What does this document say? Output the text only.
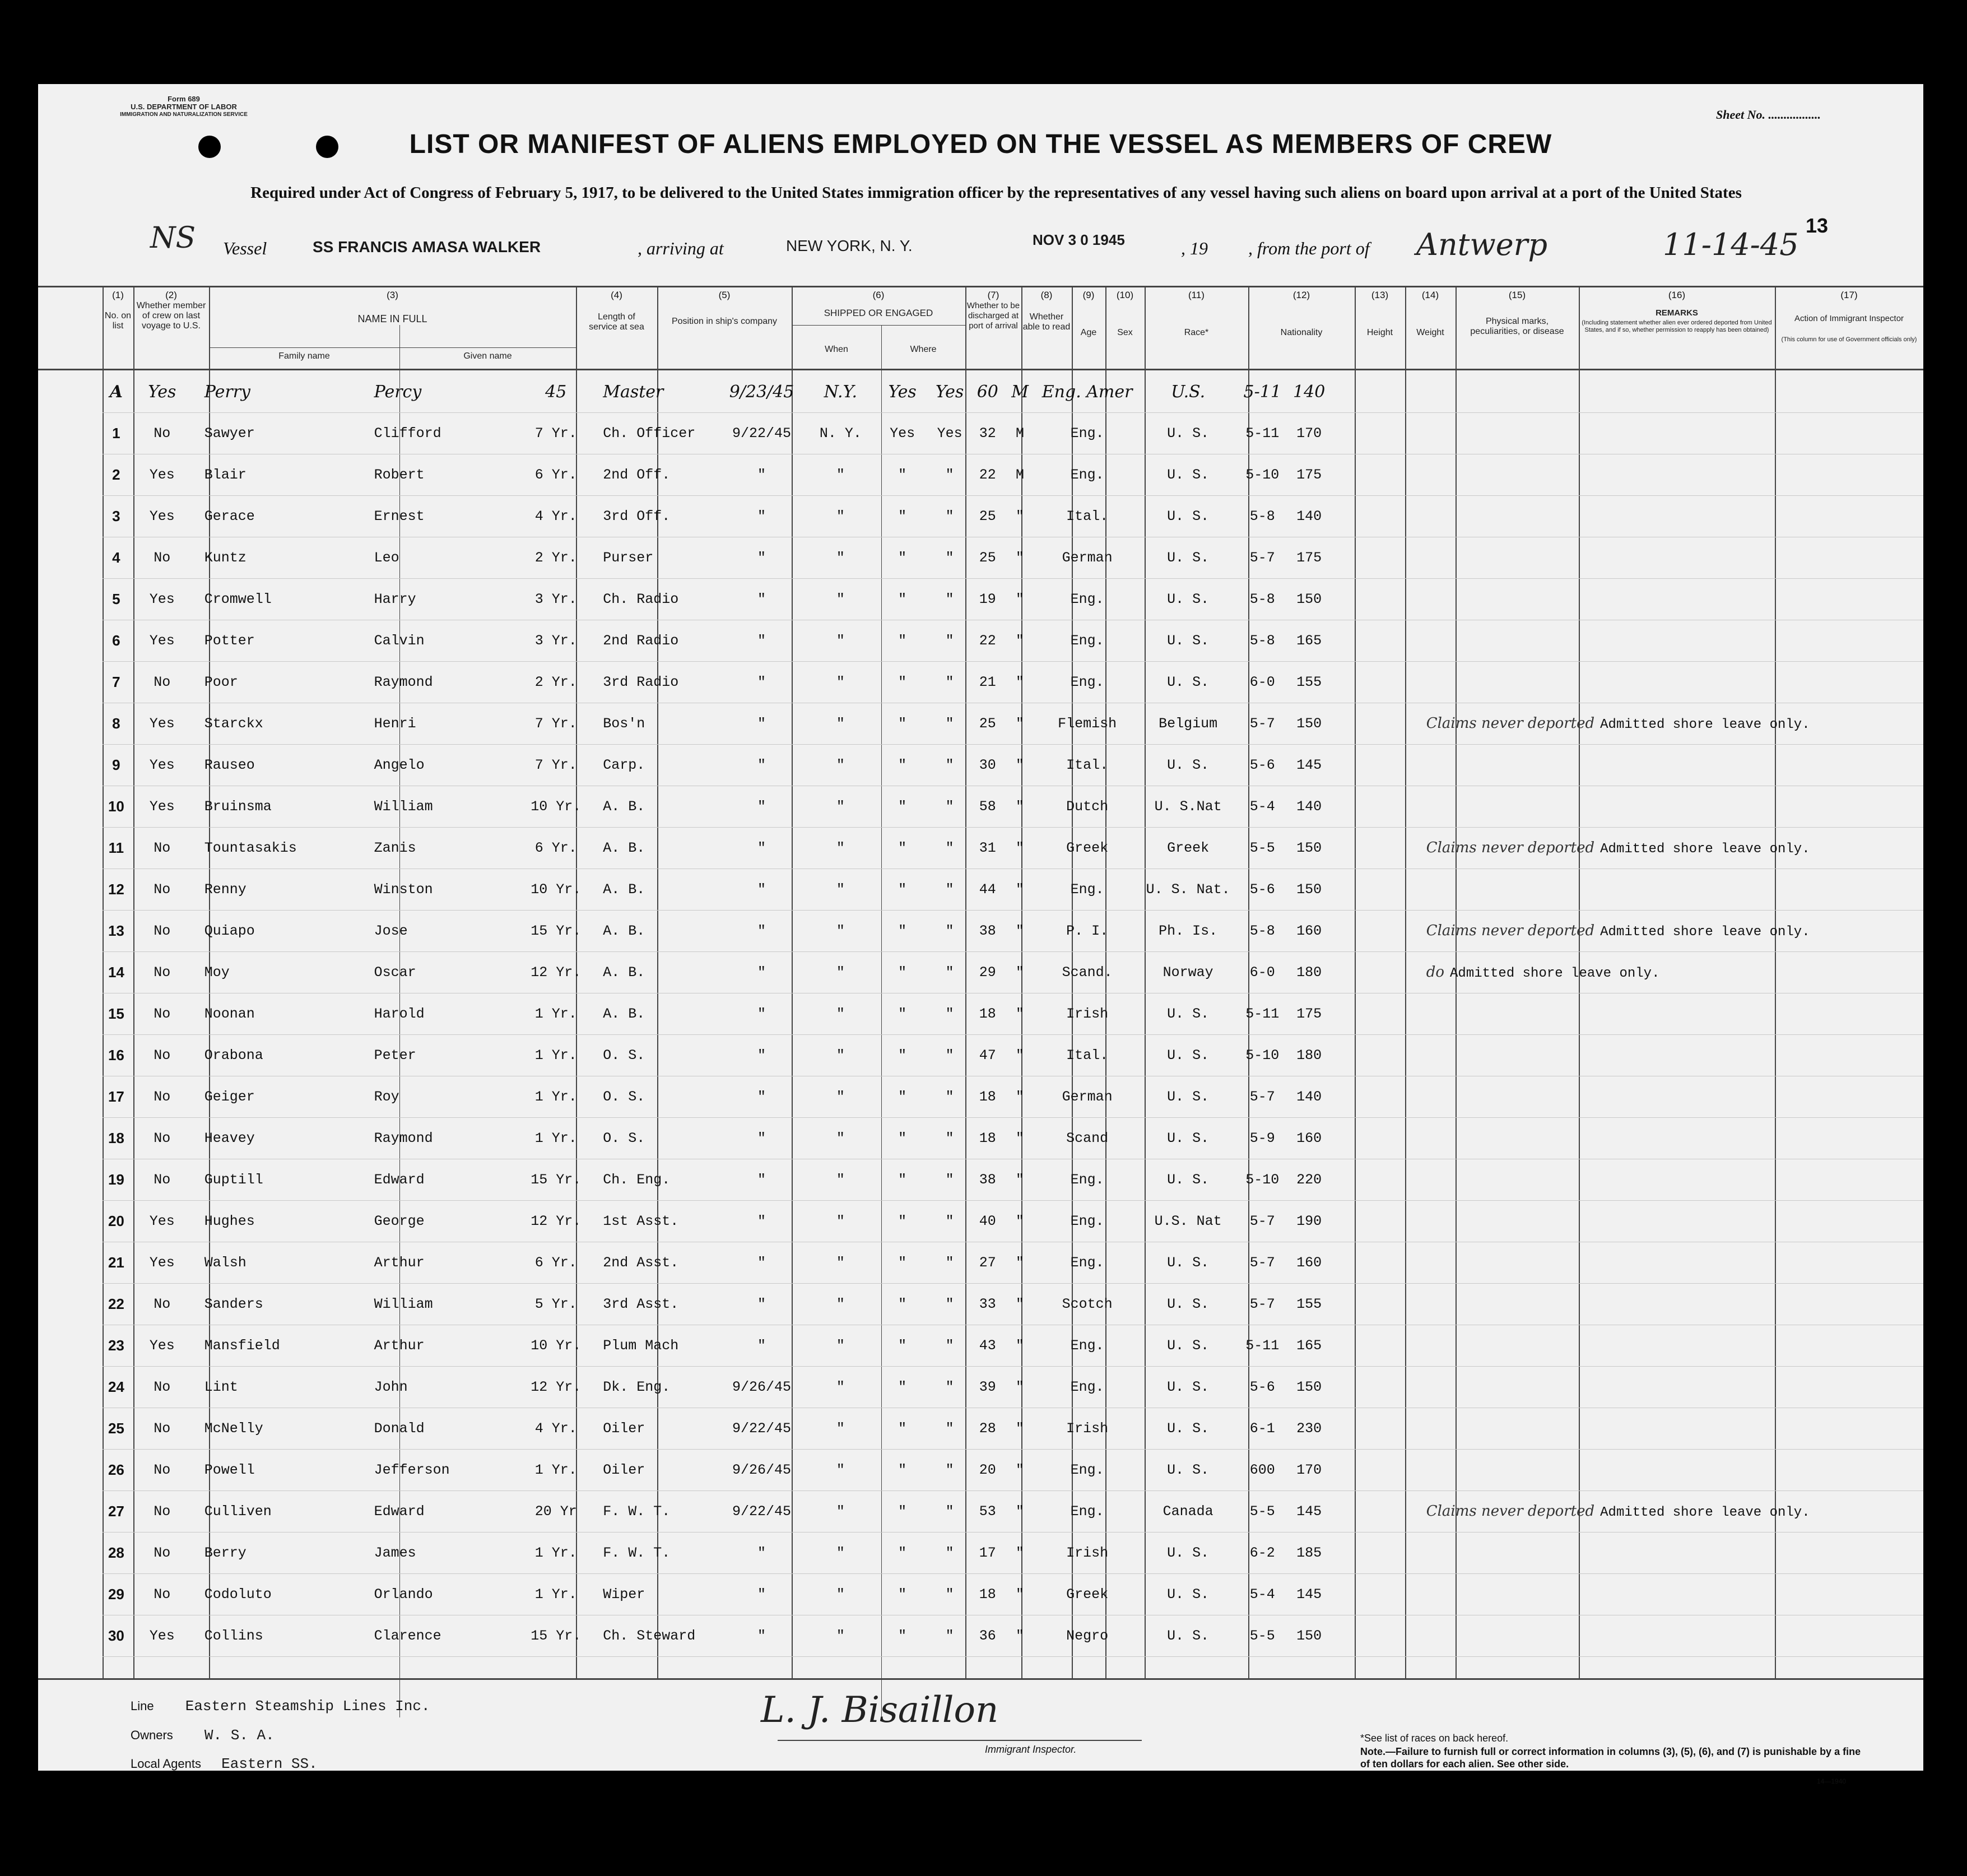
Form 689
U.S. DEPARTMENT OF LABOR
IMMIGRATION AND NATURALIZATION SERVICE	Sheet No. .................
LIST OR MANIFEST OF ALIENS EMPLOYED ON THE VESSEL AS MEMBERS OF CREW
Required under Act of Congress of February 5, 1917, to be delivered to the United States immigration officer by the representatives of any vessel having such aliens on board upon arrival at a port of the United States
13
NS Vessel	SS FRANCIS AMASA WALKER	, arriving at	NEW YORK, N. Y.	NOV 3 0 1945	, 19 , from the port of Antwerp	11-14-45
(1)
No. on list
(2)
Whether member of crew on last voyage to U.S.
(3)
NAME IN FULL
Family name	Given name
(4)
Length of service at sea
(5)
Position in ship's company
(6)
SHIPPED OR ENGAGED
When	Where
(7)
Whether to be discharged at port of arrival
(8)
Whether able to read
(9)
Age
(10)
Sex
(11)
Race*
(12)
Nationality
(13)
Height
(14)
Weight
(15)
Physical marks, peculiarities, or disease
(16)
REMARKS
(Including statement whether alien ever ordered deported from United States, and if so, whether permission to reapply has been obtained)
(17)
Action of Immigrant Inspector
(This column for use of Government officials only)
A	Yes	Perry	Percy	45	Master	9/23/45	N.Y.	Yes	Yes	60	M	Eng. Amer	U.S.	5-11	140			
1	No	Sawyer	Clifford	7 Yr.	Ch. Officer	9/22/45	N. Y.	Yes	Yes	32	M	Eng.	U. S.	5-11	170			
2	Yes	Blair	Robert	6 Yr.	2nd Off.	"	"	"	"	22	M	Eng.	U. S.	5-10	175			
3	Yes	Gerace	Ernest	4 Yr.	3rd Off.	"	"	"	"	25	"	Ital.	U. S.	5-8	140			
4	No	Kuntz	Leo	2 Yr.	Purser	"	"	"	"	25	"	German	U. S.	5-7	175			
5	Yes	Cromwell	Harry	3 Yr.	Ch. Radio	"	"	"	"	19	"	Eng.	U. S.	5-8	150			
6	Yes	Potter	Calvin	3 Yr.	2nd Radio	"	"	"	"	22	"	Eng.	U. S.	5-8	165			
7	No	Poor	Raymond	2 Yr.	3rd Radio	"	"	"	"	21	"	Eng.	U. S.	6-0	155			
8	Yes	Starckx	Henri	7 Yr.	Bos'n	"	"	"	"	25	"	Flemish	Belgium	5-7	150		Claims never deported Admitted shore leave only.	
9	Yes	Rauseo	Angelo	7 Yr.	Carp.	"	"	"	"	30	"	Ital.	U. S.	5-6	145			
10	Yes	Bruinsma	William	10 Yr.	A. B.	"	"	"	"	58	"	Dutch	U. S.Nat	5-4	140			
11	No	Tountasakis	Zanis	6 Yr.	A. B.	"	"	"	"	31	"	Greek	Greek	5-5	150		Claims never deported Admitted shore leave only.	
12	No	Renny	Winston	10 Yr.	A. B.	"	"	"	"	44	"	Eng.	U. S. Nat.	5-6	150			
13	No	Quiapo	Jose	15 Yr.	A. B.	"	"	"	"	38	"	P. I.	Ph. Is.	5-8	160		Claims never deported Admitted shore leave only.	
14	No	Moy	Oscar	12 Yr.	A. B.	"	"	"	"	29	"	Scand.	Norway	6-0	180		do Admitted shore leave only.	
15	No	Noonan	Harold	1 Yr.	A. B.	"	"	"	"	18	"	Irish	U. S.	5-11	175			
16	No	Orabona	Peter	1 Yr.	O. S.	"	"	"	"	47	"	Ital.	U. S.	5-10	180			
17	No	Geiger	Roy	1 Yr.	O. S.	"	"	"	"	18	"	German	U. S.	5-7	140			
18	No	Heavey	Raymond	1 Yr.	O. S.	"	"	"	"	18	"	Scand	U. S.	5-9	160			
19	No	Guptill	Edward	15 Yr.	Ch. Eng.	"	"	"	"	38	"	Eng.	U. S.	5-10	220			
20	Yes	Hughes	George	12 Yr.	1st Asst.	"	"	"	"	40	"	Eng.	U.S. Nat	5-7	190			
21	Yes	Walsh	Arthur	6 Yr.	2nd Asst.	"	"	"	"	27	"	Eng.	U. S.	5-7	160			
22	No	Sanders	William	5 Yr.	3rd Asst.	"	"	"	"	33	"	Scotch	U. S.	5-7	155			
23	Yes	Mansfield	Arthur	10 Yr.	Plum Mach	"	"	"	"	43	"	Eng.	U. S.	5-11	165			
24	No	Lint	John	12 Yr.	Dk. Eng.	9/26/45	"	"	"	39	"	Eng.	U. S.	5-6	150			
25	No	McNelly	Donald	4 Yr.	Oiler	9/22/45	"	"	"	28	"	Irish	U. S.	6-1	230			
26	No	Powell	Jefferson	1 Yr.	Oiler	9/26/45	"	"	"	20	"	Eng.	U. S.	600	170			
27	No	Culliven	Edward	20 Yr	F. W. T.	9/22/45	"	"	"	53	"	Eng.	Canada	5-5	145		Claims never deported Admitted shore leave only.	
28	No	Berry	James	1 Yr.	F. W. T.	"	"	"	"	17	"	Irish	U. S.	6-2	185			
29	No	Codoluto	Orlando	1 Yr.	Wiper	"	"	"	"	18	"	Greek	U. S.	5-4	145			
30	Yes	Collins	Clarence	15 Yr.	Ch. Steward	"	"	"	"	36	"	Negro	U. S.	5-5	150			
Line Eastern Steamship Lines Inc.
Owners W. S. A.
Local Agents Eastern SS.
L. J. Bisaillon
Immigrant Inspector.
*See list of races on back hereof.
Note.—Failure to furnish full or correct information in columns (3), (5), (6), and (7) is punishable by a fine of ten dollars for each alien. See other side.
14—1940
